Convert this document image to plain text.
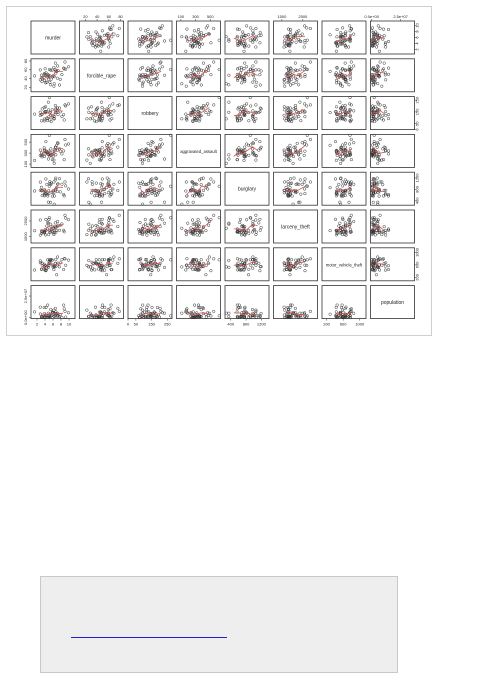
murder
forcible_rape
robbery
aggravated_assault
burglary
larceny_theft
motor_vehicle_theft
population
2 4 6 8 10
20 40 60 80
0 50	150 250
100 300 500
400 800 1200
1500	2500
200 600 1000
0.0e+00	2.5e+07
2
4
6
8
10
20
40
60
80
0
50
150
250
100
300
500
400
800
1200
1500
2500
200
600
1000
0.0e+00
2.5e+07
